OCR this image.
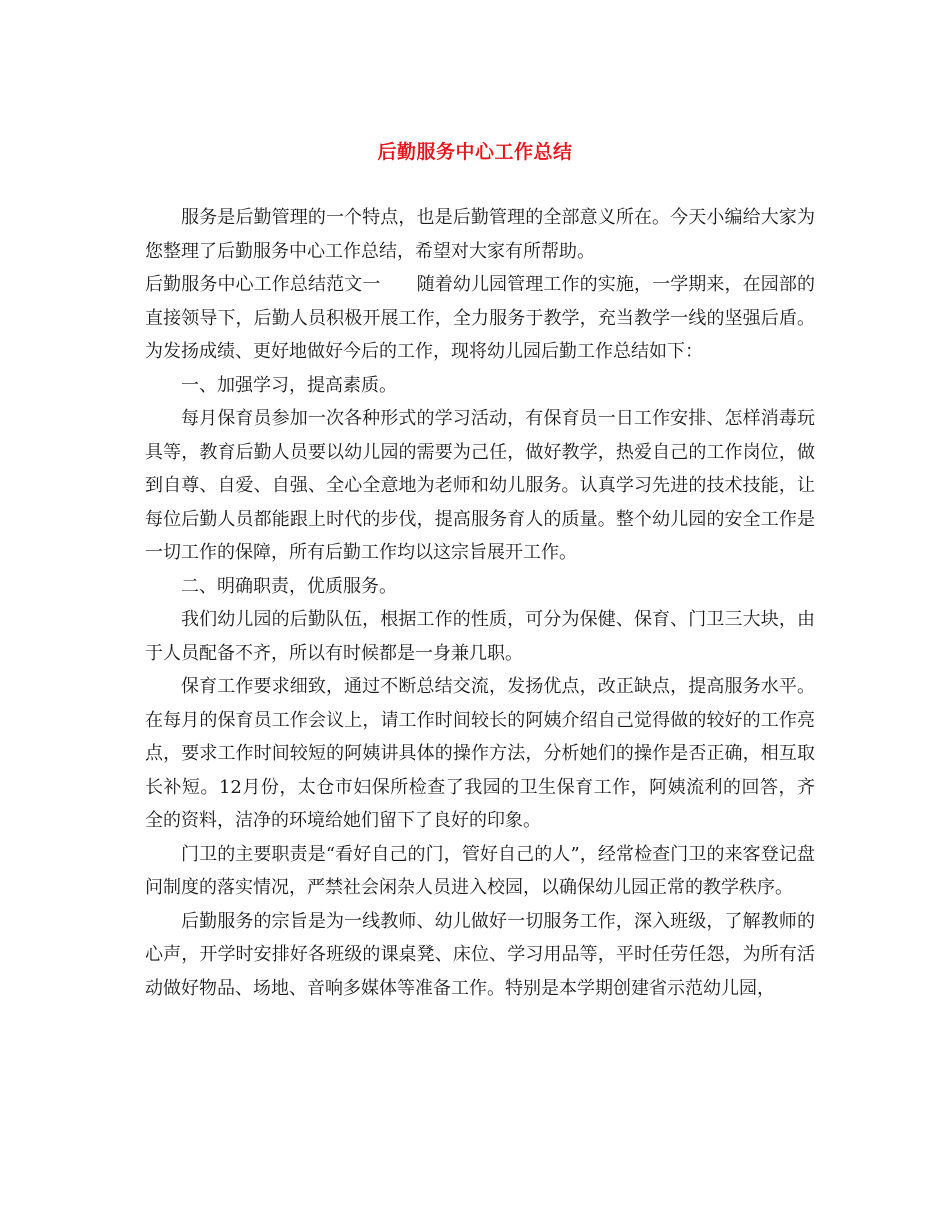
后勤服务中心工作总结

服务是后勤管理的一个特点，也是后勤管理的全部意义所在。今天小编给大家为您整理了后勤服务中心工作总结，希望对大家有所帮助。

后勤服务中心工作总结范文一 随着幼儿园管理工作的实施，一学期来，在园部的直接领导下，后勤人员积极开展工作，全力服务于教学，充当教学一线的坚强后盾。为发扬成绩、更好地做好今后的工作，现将幼儿园后勤工作总结如下：

一、加强学习，提高素质。

每月保育员参加一次各种形式的学习活动，有保育员一日工作安排、怎样消毒玩具等，教育后勤人员要以幼儿园的需要为己任，做好教学，热爱自己的工作岗位，做到自尊、自爱、自强、全心全意地为老师和幼儿服务。认真学习先进的技术技能，让每位后勤人员都能跟上时代的步伐，提高服务育人的质量。整个幼儿园的安全工作是一切工作的保障，所有后勤工作均以这宗旨展开工作。

二、明确职责，优质服务。

我们幼儿园的后勤队伍，根据工作的性质，可分为保健、保育、门卫三大块，由于人员配备不齐，所以有时候都是一身兼几职。

保育工作要求细致，通过不断总结交流，发扬优点，改正缺点，提高服务水平。在每月的保育员工作会议上，请工作时间较长的阿姨介绍自己觉得做的较好的工作亮点，要求工作时间较短的阿姨讲具体的操作方法，分析她们的操作是否正确，相互取长补短。12月份，太仓市妇保所检查了我园的卫生保育工作，阿姨流利的回答，齐全的资料，洁净的环境给她们留下了良好的印象。

门卫的主要职责是“看好自己的门，管好自己的人”，经常检查门卫的来客登记盘问制度的落实情况，严禁社会闲杂人员进入校园，以确保幼儿园正常的教学秩序。

后勤服务的宗旨是为一线教师、幼儿做好一切服务工作，深入班级，了解教师的心声，开学时安排好各班级的课桌凳、床位、学习用品等，平时任劳任怨，为所有活动做好物品、场地、音响多媒体等准备工作。特别是本学期创建省示范幼儿园，
